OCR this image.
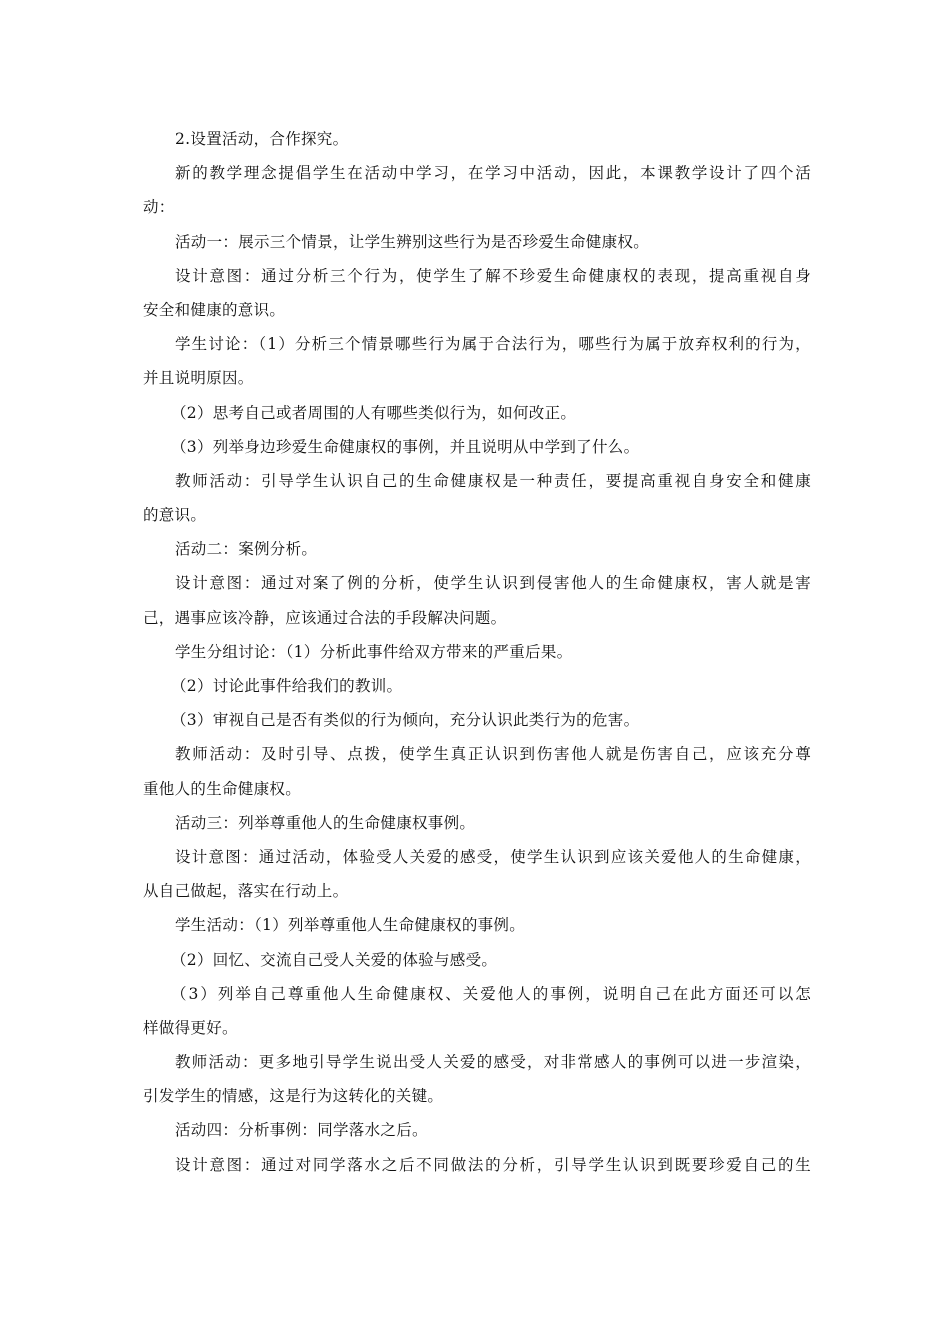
2.设置活动，合作探究。
新的教学理念提倡学生在活动中学习，在学习中活动，因此，本课教学设计了四个活
动：
活动一：展示三个情景，让学生辨别这些行为是否珍爱生命健康权。
设计意图：通过分析三个行为，使学生了解不珍爱生命健康权的表现，提高重视自身
安全和健康的意识。
学生讨论：（1）分析三个情景哪些行为属于合法行为，哪些行为属于放弃权利的行为，
并且说明原因。
（2）思考自己或者周围的人有哪些类似行为，如何改正。
（3）列举身边珍爱生命健康权的事例，并且说明从中学到了什么。
教师活动：引导学生认识自己的生命健康权是一种责任，要提高重视自身安全和健康
的意识。
活动二：案例分析。
设计意图：通过对案了例的分析，使学生认识到侵害他人的生命健康权，害人就是害
己，遇事应该冷静，应该通过合法的手段解决问题。
学生分组讨论：（1）分析此事件给双方带来的严重后果。
（2）讨论此事件给我们的教训。
（3）审视自己是否有类似的行为倾向，充分认识此类行为的危害。
教师活动：及时引导、点拨，使学生真正认识到伤害他人就是伤害自己，应该充分尊
重他人的生命健康权。
活动三：列举尊重他人的生命健康权事例。
设计意图：通过活动，体验受人关爱的感受，使学生认识到应该关爱他人的生命健康，
从自己做起，落实在行动上。
学生活动：（1）列举尊重他人生命健康权的事例。
（2）回忆、交流自己受人关爱的体验与感受。
（3）列举自己尊重他人生命健康权、关爱他人的事例，说明自己在此方面还可以怎
样做得更好。
教师活动：更多地引导学生说出受人关爱的感受，对非常感人的事例可以进一步渲染，
引发学生的情感，这是行为这转化的关键。
活动四：分析事例：同学落水之后。
设计意图：通过对同学落水之后不同做法的分析，引导学生认识到既要珍爱自己的生
